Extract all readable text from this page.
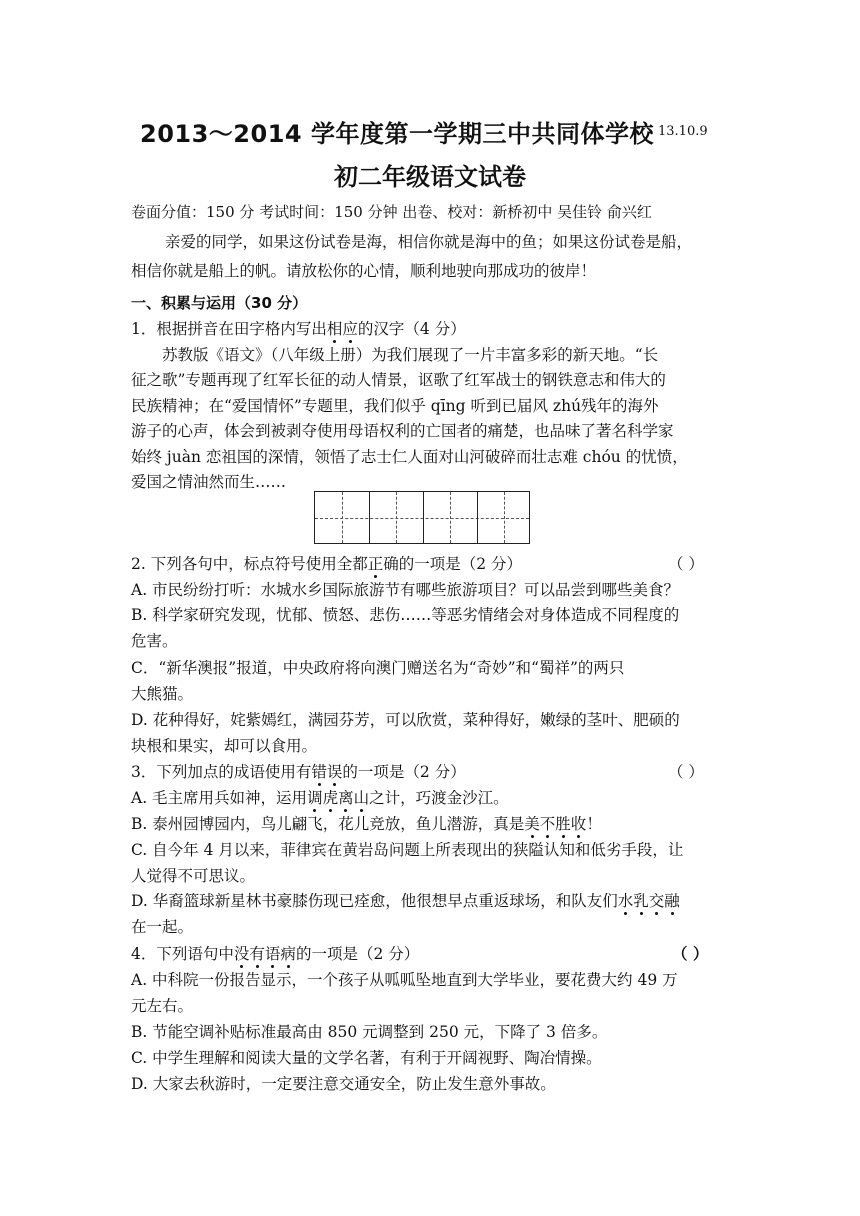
2013～2014 学年度第一学期三中共同体学校 13.10.9
初二年级语文试卷
卷面分值：150 分 考试时间：150 分钟 出卷、校对：新桥初中 吴佳铃 俞兴红
亲爱的同学，如果这份试卷是海，相信你就是海中的鱼；如果这份试卷是船，
相信你就是船上的帆。请放松你的心情，顺利地驶向那成功的彼岸！
一、积累与运用（30 分）
1．根据拼音在田字格内写出相应的汉字（4 分）
苏教版《语文》（八年级上册）为我们展现了一片丰富多彩的新天地。“长
征之歌”专题再现了红军长征的动人情景，讴歌了红军战士的钢铁意志和伟大的
民族精神；在“爱国情怀”专题里，我们似乎 qīng 听到已届风 zhú残年的海外
游子的心声，体会到被剥夺使用母语权利的亡国者的痛楚，也品味了著名科学家
始终 juàn 恋祖国的深情，领悟了志士仁人面对山河破碎而壮志难 chóu 的忧愤，
爱国之情油然而生……
2. 下列各句中，标点符号使用全都正确的一项是（2 分）	（ ）
A. 市民纷纷打听：水城水乡国际旅游节有哪些旅游项目？可以品尝到哪些美食？
B. 科学家研究发现，忧郁、愤怒、悲伤……等恶劣情绪会对身体造成不同程度的
危害。
C．“新华澳报”报道，中央政府将向澳门赠送名为“奇妙”和“蜀祥”的两只
大熊猫。
D. 花种得好，姹紫嫣红，满园芬芳，可以欣赏，菜种得好，嫩绿的茎叶、肥硕的
块根和果实，却可以食用。
3．下列加点的成语使用有错误的一项是（2 分）	（ ）
A. 毛主席用兵如神，运用调虎离山之计，巧渡金沙江。
B. 泰州园博园内，鸟儿翩飞，花儿竞放，鱼儿潜游，真是美不胜收！
C. 自今年 4 月以来，菲律宾在黄岩岛问题上所表现出的狭隘认知和低劣手段，让
人觉得不可思议。
D. 华裔篮球新星林书豪膝伤现已痊愈，他很想早点重返球场，和队友们水乳交融
在一起。
4．下列语句中没有语病的一项是（2 分）	（ ）
A. 中科院一份报告显示，一个孩子从呱呱坠地直到大学毕业，要花费大约 49 万
元左右。
B. 节能空调补贴标准最高由 850 元调整到 250 元，下降了 3 倍多。
C. 中学生理解和阅读大量的文学名著，有利于开阔视野、陶冶情操。
D. 大家去秋游时，一定要注意交通安全，防止发生意外事故。
